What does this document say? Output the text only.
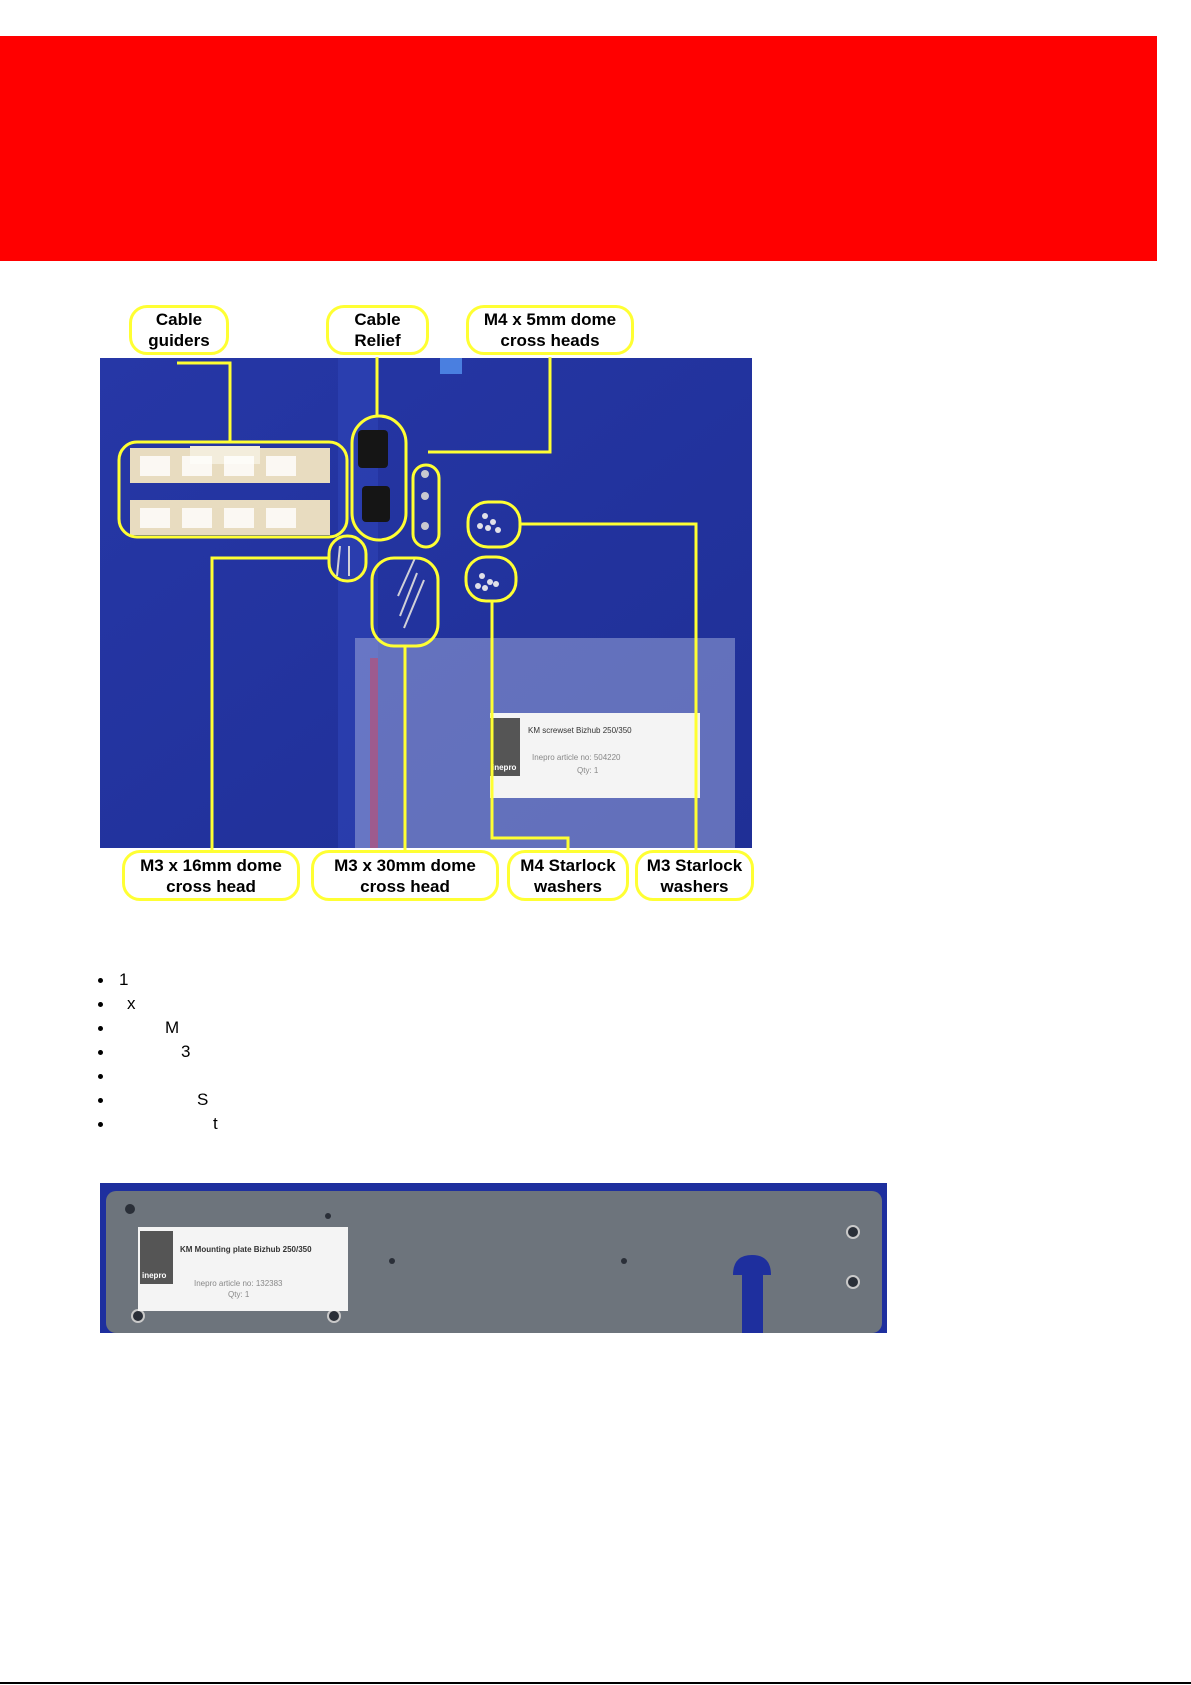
inepro
KM screwset Bizhub 250/350
Inepro article no: 504220
Qty: 1
Cable
guiders
Cable
Relief
M4 x 5mm dome
cross heads
M3 x 16mm dome
cross head
M3 x 30mm dome
cross head
M4 Starlock
washers
M3 Starlock
washers
1
x
M
3
S
t
inepro
KM Mounting plate Bizhub 250/350
Inepro article no: 132383
Qty: 1
